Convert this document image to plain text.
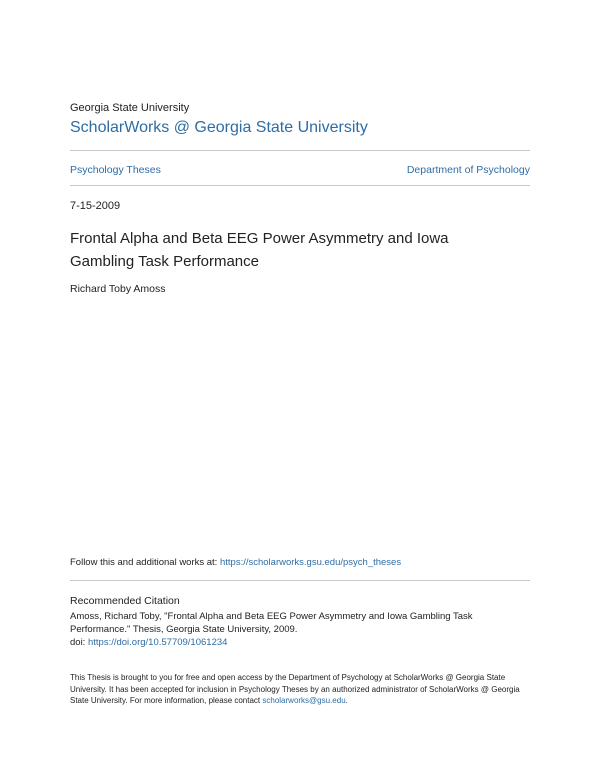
Georgia State University
ScholarWorks @ Georgia State University
Psychology Theses	Department of Psychology
7-15-2009
Frontal Alpha and Beta EEG Power Asymmetry and Iowa Gambling Task Performance
Richard Toby Amoss
Follow this and additional works at: https://scholarworks.gsu.edu/psych_theses
Recommended Citation
Amoss, Richard Toby, "Frontal Alpha and Beta EEG Power Asymmetry and Iowa Gambling Task Performance." Thesis, Georgia State University, 2009.
doi: https://doi.org/10.57709/1061234
This Thesis is brought to you for free and open access by the Department of Psychology at ScholarWorks @ Georgia State University. It has been accepted for inclusion in Psychology Theses by an authorized administrator of ScholarWorks @ Georgia State University. For more information, please contact scholarworks@gsu.edu.
